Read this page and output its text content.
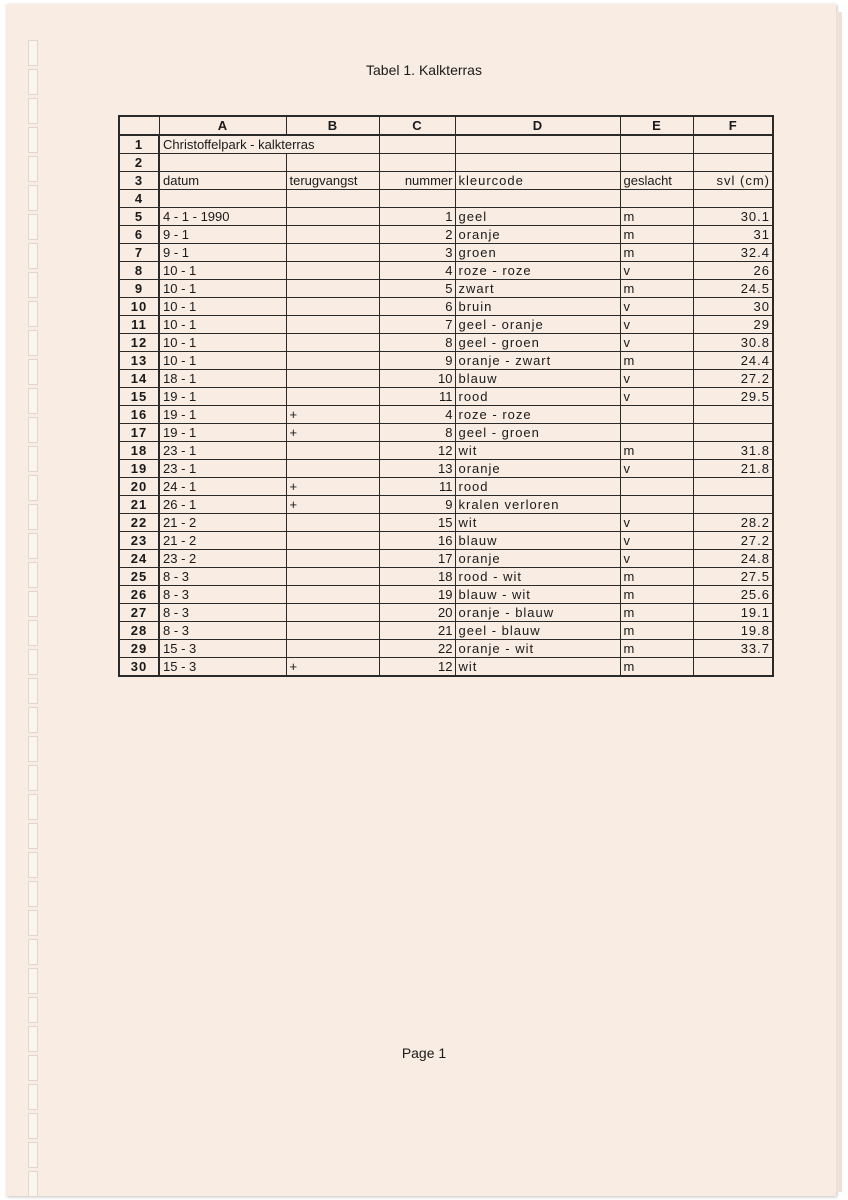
Tabel 1. Kalkterras
	A	B	C	D	E	F
1	Christoffelpark - kalkterras					
2						
3	datum	terugvangst	nummer	kleurcode	geslacht	svl (cm)
4						
5	4 - 1 - 1990		1	geel	m	30.1
6	9 - 1		2	oranje	m	31
7	9 - 1		3	groen	m	32.4
8	10 - 1		4	roze - roze	v	26
9	10 - 1		5	zwart	m	24.5
10	10 - 1		6	bruin	v	30
11	10 - 1		7	geel - oranje	v	29
12	10 - 1		8	geel - groen	v	30.8
13	10 - 1		9	oranje - zwart	m	24.4
14	18 - 1		10	blauw	v	27.2
15	19 - 1		11	rood	v	29.5
16	19 - 1	+	4	roze - roze		
17	19 - 1	+	8	geel - groen		
18	23 - 1		12	wit	m	31.8
19	23 - 1		13	oranje	v	21.8
20	24 - 1	+	11	rood		
21	26 - 1	+	9	kralen verloren		
22	21 - 2		15	wit	v	28.2
23	21 - 2		16	blauw	v	27.2
24	23 - 2		17	oranje	v	24.8
25	8 - 3		18	rood - wit	m	27.5
26	8 - 3		19	blauw - wit	m	25.6
27	8 - 3		20	oranje - blauw	m	19.1
28	8 - 3		21	geel - blauw	m	19.8
29	15 - 3		22	oranje - wit	m	33.7
30	15 - 3	+	12	wit	m	
Page 1
